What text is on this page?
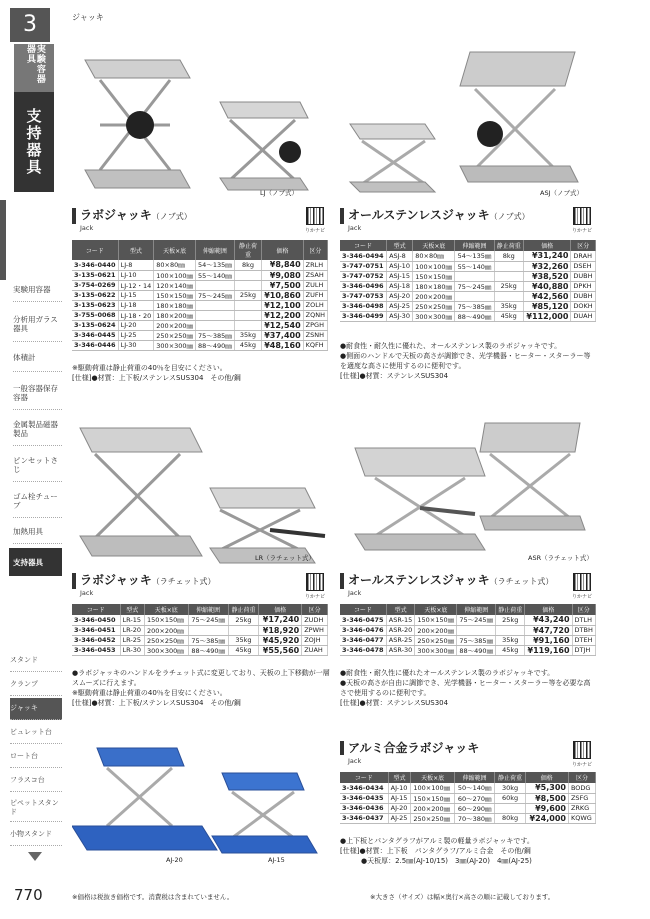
3
実験容器器具
支持器具
実験用容器
分析用ガラス器具
体積計
一般容器保存容器
金属製品磁器製品
ピンセットさじ
ゴム栓チューブ
加熱用具
支持器具
スタンド
クランプ
ジャッキ
ビュレット台
ロート台
フラスコ台
ピペットスタンド
小物スタンド
770
ジャッキ
LJ（ノブ式）	ASJ（ノブ式）
ラボジャッキ（ノブ式）
Jack	りかナビ
コード	型式	天板×底	伸縮範囲	静止荷重	価格	区分
3-346-0440	LJ-8	80×80㎜	54〜135㎜	8kg	¥8,840	ZRLH
3-135-0621	LJ-10	100×100㎜	55〜140㎜		¥9,080	ZSAH
3-754-0269	LJ-12・14	120×140㎜			¥7,500	ZULH
3-135-0622	LJ-15	150×150㎜	75〜245㎜	25kg	¥10,860	ZUFH
3-135-0623	LJ-18	180×180㎜			¥12,100	ZOLH
3-755-0068	LJ-18・20	180×200㎜			¥12,200	ZQNH
3-135-0624	LJ-20	200×200㎜			¥12,540	ZPGH
3-346-0445	LJ-25	250×250㎜	75〜385㎜	35kg	¥37,400	ZSNH
3-346-0446	LJ-30	300×300㎜	88〜490㎜	45kg	¥48,160	KQFH
※駆動荷重は静止荷重の40％を目安にください。
[仕様]●材質：上下板/ステンレスSUS304　その他/鋼
オールステンレスジャッキ（ノブ式）
Jack	りかナビ
コード	型式	天板×底	伸縮範囲	静止荷重	価格	区分
3-346-0494	ASJ-8	80×80㎜	54〜135㎜	8kg	¥31,240	DRAH
3-747-0751	ASJ-10	100×100㎜	55〜140㎜		¥32,260	DSEH
3-747-0752	ASJ-15	150×150㎜			¥38,520	DUBH
3-346-0496	ASJ-18	180×180㎜	75〜245㎜	25kg	¥40,880	DPKH
3-747-0753	ASJ-20	200×200㎜			¥42,560	DUBH
3-346-0498	ASJ-25	250×250㎜	75〜385㎜	35kg	¥85,120	DOKH
3-346-0499	ASJ-30	300×300㎜	88〜490㎜	45kg	¥112,000	DUAH
●耐食性・耐久性に優れた、オールステンレス製のラボジャッキです。
●側面のハンドルで天板の高さが調節でき、光学機器・ヒーター・スターラー等を適度な高さに使用するのに便利です。
[仕様]●材質：ステンレスSUS304
LR（ラチェット式）	ASR（ラチェット式）
ラボジャッキ（ラチェット式）
Jack	りかナビ
コード	型式	天板×底	伸縮範囲	静止荷重	価格	区分
3-346-0450	LR-15	150×150㎜	75〜245㎜	25kg	¥17,240	ZUDH
3-346-0451	LR-20	200×200㎜			¥18,920	ZPWH
3-346-0452	LR-25	250×250㎜	75〜385㎜	35kg	¥45,920	ZOJH
3-346-0453	LR-30	300×300㎜	88〜490㎜	45kg	¥55,560	ZUAH
●ラボジャッキのハンドルをラチェット式に変更しており、天板の上下移動が一層スムーズに行えます。
※駆動荷重は静止荷重の40％を目安にください。
[仕様]●材質：上下板/ステンレスSUS304　その他/鋼
オールステンレスジャッキ（ラチェット式）
Jack	りかナビ
コード	型式	天板×底	伸縮範囲	静止荷重	価格	区分
3-346-0475	ASR-15	150×150㎜	75〜245㎜	25kg	¥43,240	DTLH
3-346-0476	ASR-20	200×200㎜			¥47,720	DTBH
3-346-0477	ASR-25	250×250㎜	75〜385㎜	35kg	¥91,160	DTEH
3-346-0478	ASR-30	300×300㎜	88〜490㎜	45kg	¥119,160	DTJH
●耐食性・耐久性に優れたオールステンレス製のラボジャッキです。
●天板の高さが自由に調節でき、光学機器・ヒーター・スターラー等を必要な高さで使用するのに便利です。
[仕様]●材質：ステンレスSUS304
AJ-20	AJ-15
アルミ合金ラボジャッキ
Jack	りかナビ
コード	型式	天板×底	伸縮範囲	静止荷重	価格	区分
3-346-0434	AJ-10	100×100㎜	50〜140㎜	30kg	¥5,300	BODG
3-346-0435	AJ-15	150×150㎜	60〜270㎜	60kg	¥8,500	ZSFG
3-346-0436	AJ-20	200×200㎜	60〜290㎜		¥9,600	ZRKG
3-346-0437	AJ-25	250×250㎜	70〜380㎜	80kg	¥24,000	KQWG
●上下板とパンタグラフがアルミ製の軽量ラボジャッキです。
[仕様]●材質：上下板　パンタグラフ/アルミ合金　その他/鋼
　　　●天板厚：2.5㎜(AJ-10/15)　3㎜(AJ-20)　4㎜(AJ-25)
※価格は税抜き価格です。消費税は含まれていません。	※大きさ（サイズ）は幅×奥行×高さの順に記載しております。
